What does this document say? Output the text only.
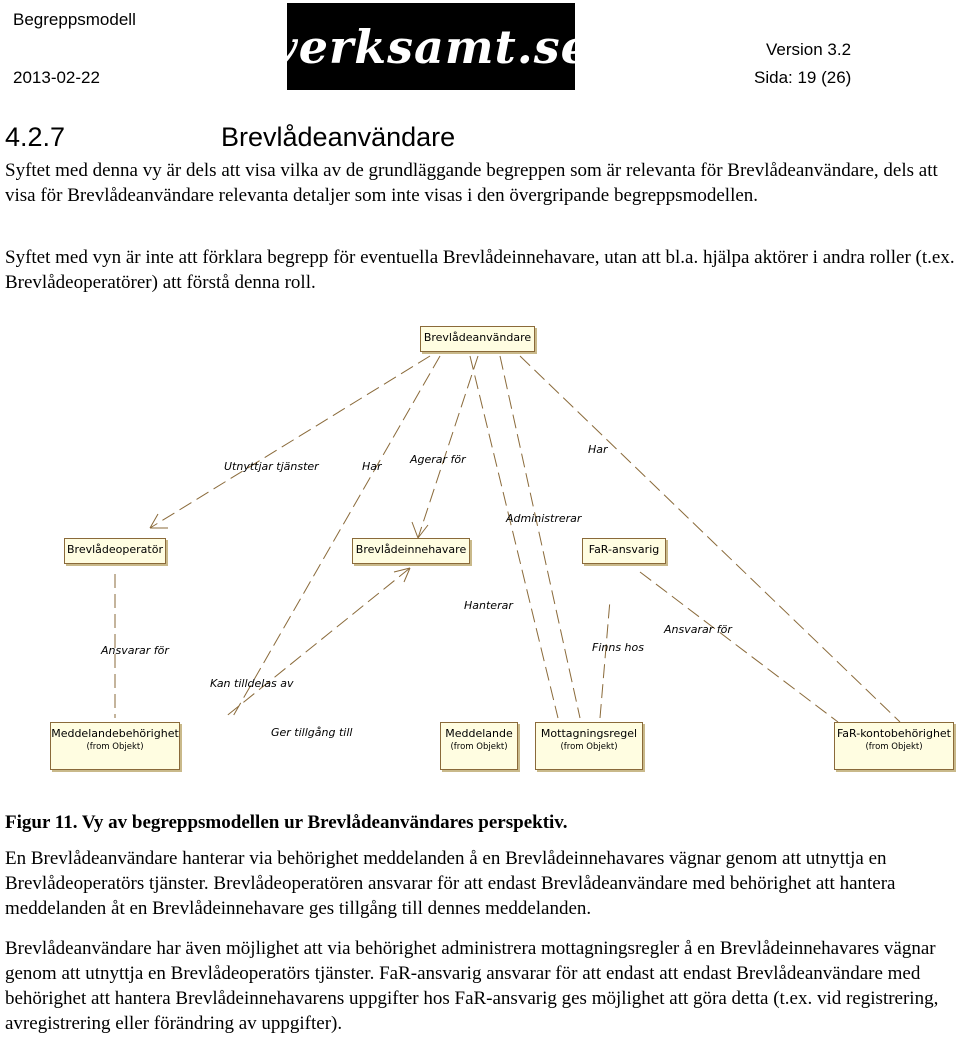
Begreppsmodell
2013-02-22
verksamt.se	Version 3.2
Sida: 19 (26)
4.2.7	Brevlådeanvändare
Syftet med denna vy är dels att visa vilka av de grundläggande begreppen som är relevanta för Brevlådeanvändare, dels att visa för Brevlådeanvändare relevanta detaljer som inte visas i den övergripande begreppsmodellen.
Syftet med vyn är inte att förklara begrepp för eventuella Brevlådeinnehavare, utan att bl.a. hjälpa aktörer i andra roller (t.ex. Brevlådeoperatörer) att förstå denna roll.
Brevlådeanvändare
Brevlådeoperatör	Brevlådeinnehavare	FaR-ansvarig
Meddelandebehörighet
(from Objekt)
Meddelande
(from Objekt)
Mottagningsregel
(from Objekt)
FaR-kontobehörighet
(from Objekt)
Utnyttjar tjänster	Har
Agerar för
Har
Administrerar
Hanterar
Ansvarar för	Finns hos
Ansvarar för
Kan tilldelas av
Ger tillgång till
Figur 11. Vy av begreppsmodellen ur Brevlådeanvändares perspektiv.
En Brevlådeanvändare hanterar via behörighet meddelanden å en Brevlådeinnehavares vägnar genom att utnyttja en Brevlådeoperatörs tjänster. Brevlådeoperatören ansvarar för att endast Brevlådeanvändare med behörighet att hantera meddelanden åt en Brevlådeinnehavare ges tillgång till dennes meddelanden.
Brevlådeanvändare har även möjlighet att via behörighet administrera mottagningsregler å en Brevlådeinnehavares vägnar genom att utnyttja en Brevlådeoperatörs tjänster. FaR-ansvarig ansvarar för att endast att endast Brevlådeanvändare med behörighet att hantera Brevlådeinnehavarens uppgifter hos FaR-ansvarig ges möjlighet att göra detta (t.ex. vid registrering, avregistrering eller förändring av uppgifter).
